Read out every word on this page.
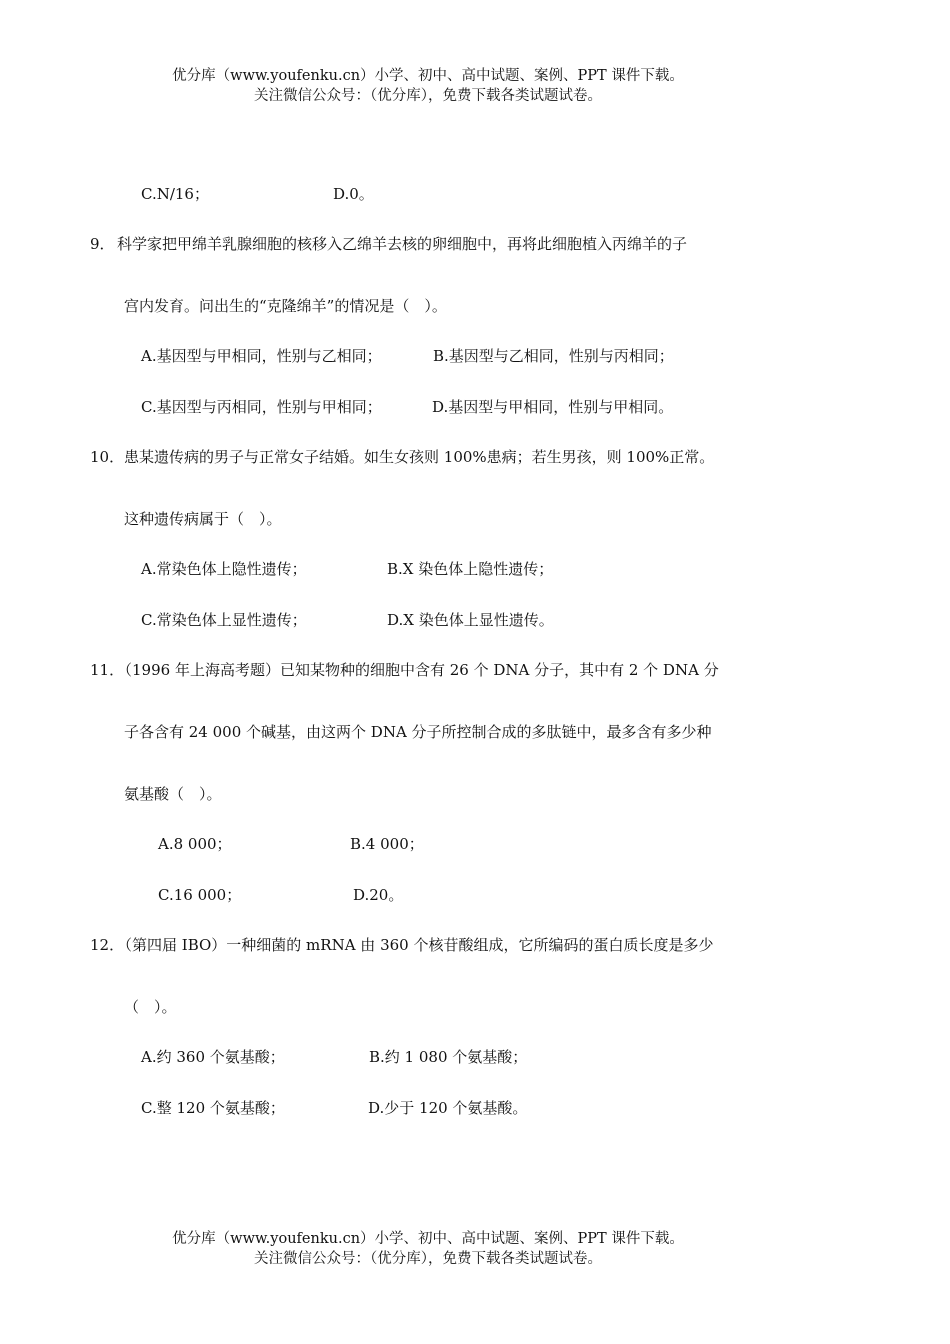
优分库（www.youfenku.cn）小学、初中、高中试题、案例、PPT 课件下载。
关注微信公众号：（优分库），免费下载各类试题试卷。
C.N/16；	D.0。
9． 科学家把甲绵羊乳腺细胞的核移入乙绵羊去核的卵细胞中，再将此细胞植入丙绵羊的子
宫内发育。问出生的“克隆绵羊”的情况是（　）。
A.基因型与甲相同，性别与乙相同；	B.基因型与乙相同，性别与丙相同；
C.基因型与丙相同，性别与甲相同；	D.基因型与甲相同，性别与甲相同。
10． 患某遗传病的男子与正常女子结婚。如生女孩则 100%患病；若生男孩，则 100%正常。
这种遗传病属于（　）。
A.常染色体上隐性遗传；	B.X 染色体上隐性遗传；
C.常染色体上显性遗传；	D.X 染色体上显性遗传。
11．
（1996 年上海高考题）已知某物种的细胞中含有 26 个 DNA 分子，其中有 2 个 DNA 分
子各含有 24 000 个碱基，由这两个 DNA 分子所控制合成的多肽链中，最多含有多少种
氨基酸（　）。
A.8 000；	B.4 000；
C.16 000；	D.20。
12．
（第四届 IBO）一种细菌的 mRNA 由 360 个核苷酸组成，它所编码的蛋白质长度是多少
（　）。
A.约 360 个氨基酸；	B.约 1 080 个氨基酸；
C.整 120 个氨基酸；	D.少于 120 个氨基酸。
优分库（www.youfenku.cn）小学、初中、高中试题、案例、PPT 课件下载。
关注微信公众号：（优分库），免费下载各类试题试卷。
